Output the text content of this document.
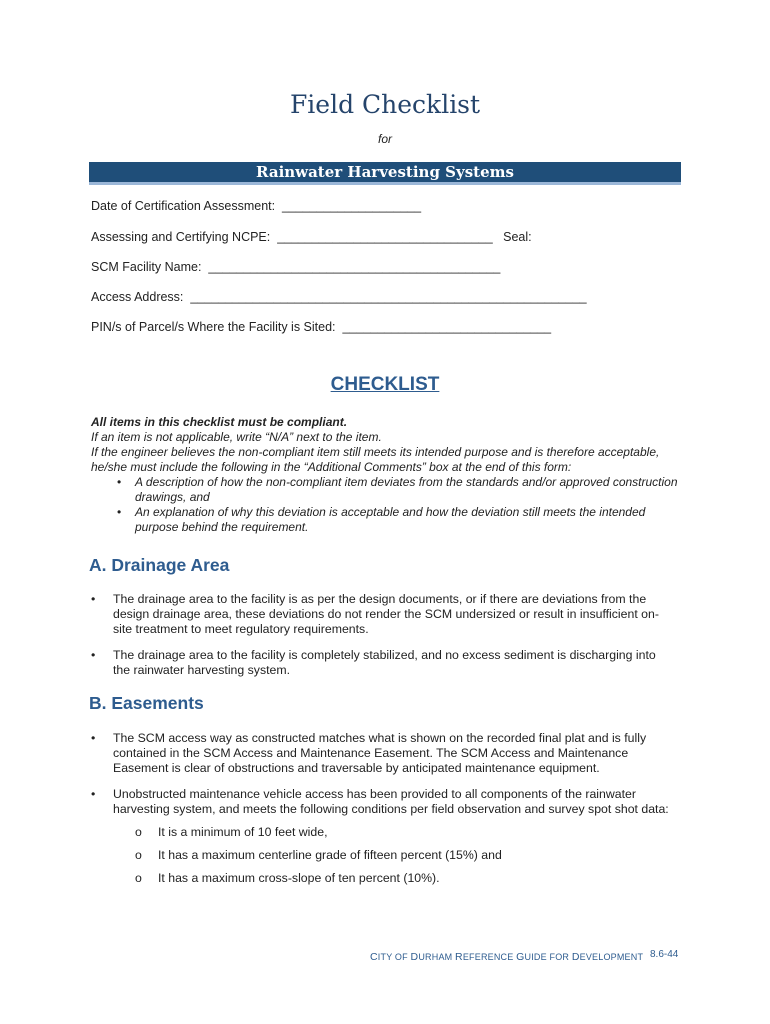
Field Checklist
for
Rainwater Harvesting Systems
Date of Certification Assessment:  ____________________
Assessing and Certifying NCPE:  _______________________________   Seal:
SCM Facility Name:  __________________________________________
Access Address:  _________________________________________________________
PIN/s of Parcel/s Where the Facility is Sited:  ______________________________
CHECKLIST
All items in this checklist must be compliant.
If an item is not applicable, write “N/A” next to the item.
If the engineer believes the non-compliant item still meets its intended purpose and is therefore acceptable, he/she must include the following in the “Additional Comments” box at the end of this form:
• A description of how the non-compliant item deviates from the standards and/or approved construction drawings, and
• An explanation of why this deviation is acceptable and how the deviation still meets the intended purpose behind the requirement.
A. Drainage Area
• The drainage area to the facility is as per the design documents, or if there are deviations from the design drainage area, these deviations do not render the SCM undersized or result in insufficient on-site treatment to meet regulatory requirements.
• The drainage area to the facility is completely stabilized, and no excess sediment is discharging into the rainwater harvesting system.
B. Easements
• The SCM access way as constructed matches what is shown on the recorded final plat and is fully contained in the SCM Access and Maintenance Easement. The SCM Access and Maintenance Easement is clear of obstructions and traversable by anticipated maintenance equipment.
• Unobstructed maintenance vehicle access has been provided to all components of the rainwater harvesting system, and meets the following conditions per field observation and survey spot shot data:
o It is a minimum of 10 feet wide,
o It has a maximum centerline grade of fifteen percent (15%) and
o It has a maximum cross-slope of ten percent (10%).
CITY OF DURHAM REFERENCE GUIDE FOR DEVELOPMENT 8.6-44
